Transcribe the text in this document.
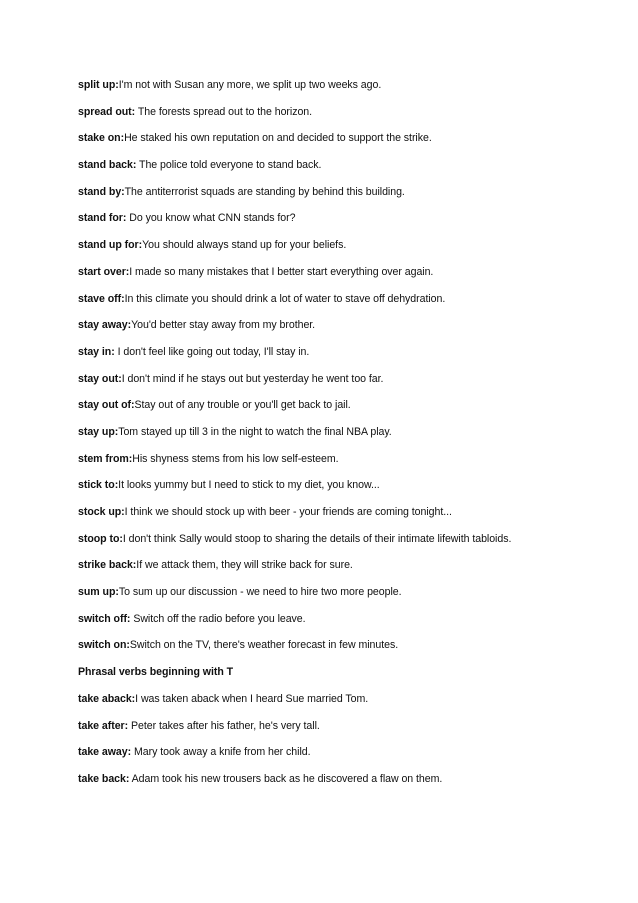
split up:I'm not with Susan any more, we split up two weeks ago.
spread out: The forests spread out to the horizon.
stake on:He staked his own reputation on and decided to support the strike.
stand back: The police told everyone to stand back.
stand by:The antiterrorist squads are standing by behind this building.
stand for: Do you know what CNN stands for?
stand up for:You should always stand up for your beliefs.
start over:I made so many mistakes that I better start everything over again.
stave off:In this climate you should drink a lot of water to stave off dehydration.
stay away:You'd better stay away from my brother.
stay in: I don't feel like going out today, I'll stay in.
stay out:I don't mind if he stays out but yesterday he went too far.
stay out of:Stay out of any trouble or you'll get back to jail.
stay up:Tom stayed up till 3 in the night to watch the final NBA play.
stem from:His shyness stems from his low self-esteem.
stick to:It looks yummy but I need to stick to my diet, you know...
stock up:I think we should stock up with beer - your friends are coming tonight...
stoop to:I don't think Sally would stoop to sharing the details of their intimate lifewith tabloids.
strike back:If we attack them, they will strike back for sure.
sum up:To sum up our discussion - we need to hire two more people.
switch off: Switch off the radio before you leave.
switch on:Switch on the TV, there's weather forecast in few minutes.
Phrasal verbs beginning with T
take aback:I was taken aback when I heard Sue married Tom.
take after: Peter takes after his father, he's very tall.
take away: Mary took away a knife from her child.
take back: Adam took his new trousers back as he discovered a flaw on them.
